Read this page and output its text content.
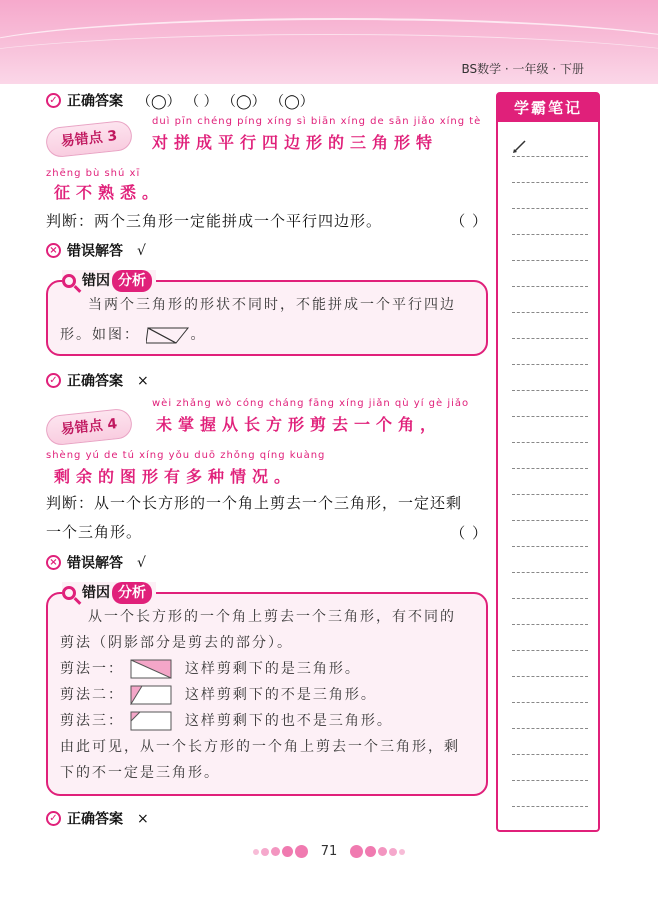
BS数学 · 一年级 · 下册
✓ 正确答案 （◯） （ ） （◯） （◯）
易错点 3
duì pīn chéng píng xíng sì biān xíng de sān jiǎo xíng tè
对拼成平行四边形的三角形特
zhēng bù shú xī
征不熟悉。
判断：两个三角形一定能拼成一个平行四边形。	（ ）
× 错误解答 √
当两个三角形的形状不同时，不能拼成一个平行四边
形。如图：	。
错因 分析
✓ 正确答案 ×
易错点 4
wèi zhǎng wò cóng cháng fāng xíng jiǎn qù yí gè jiǎo
未掌握从长方形剪去一个角，
shèng yú de tú xíng yǒu duō zhǒng qíng kuàng
剩余的图形有多种情况。
判断：从一个长方形的一个角上剪去一个三角形，一定还剩
一个三角形。	（ ）
× 错误解答 √
从一个长方形的一个角上剪去一个三角形，有不同的
剪法（阴影部分是剪去的部分）。
剪法一：	这样剪剩下的是三角形。
剪法二：	这样剪剩下的不是三角形。
剪法三：	这样剪剩下的也不是三角形。
由此可见，从一个长方形的一个角上剪去一个三角形，剩
下的不一定是三角形。
错因 分析
✓ 正确答案 ×
学霸笔记
71
